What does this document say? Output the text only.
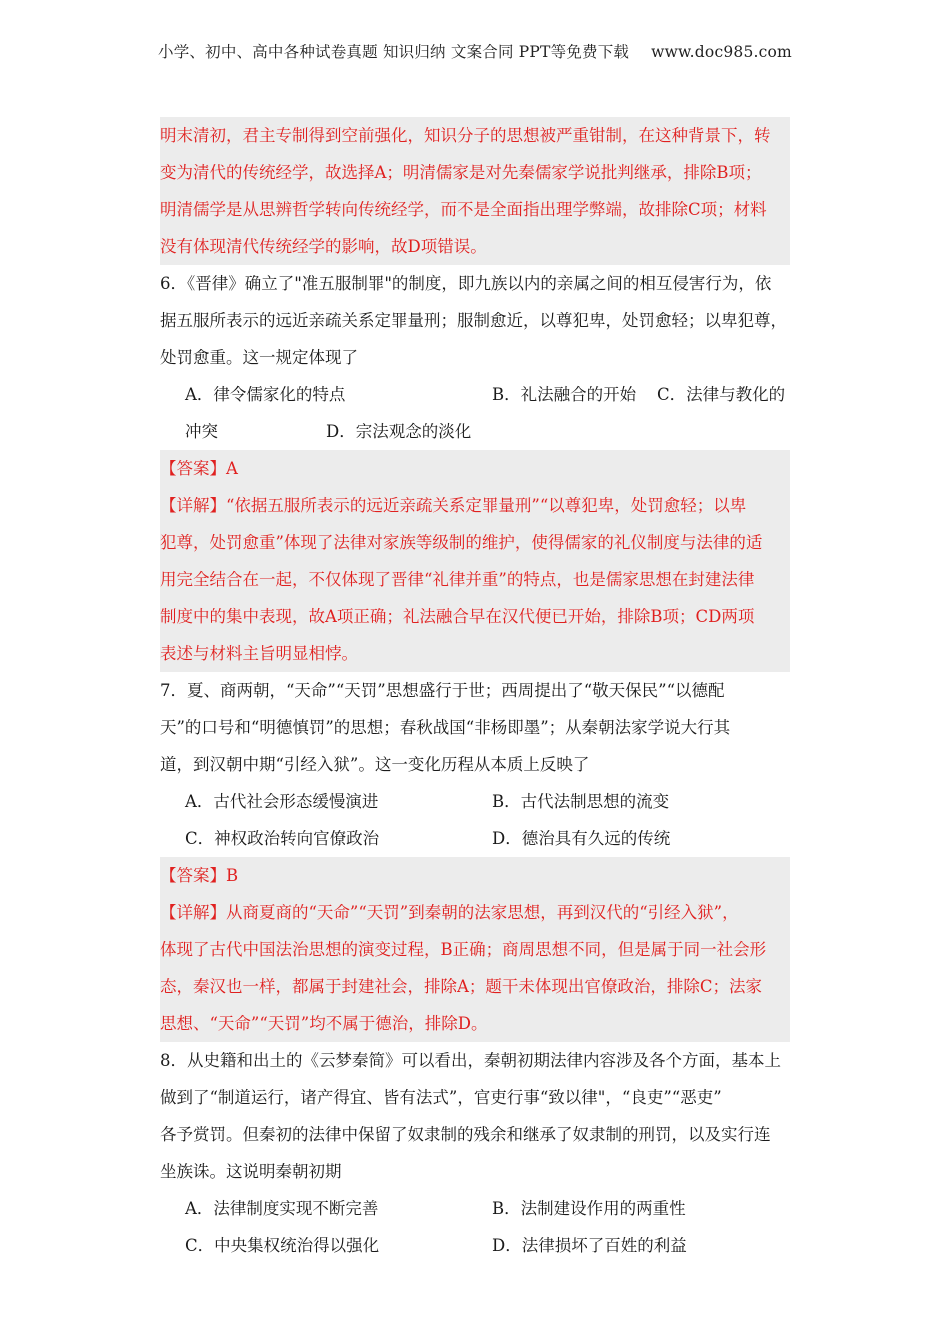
小学、初中、高中各种试卷真题 知识归纳 文案合同 PPT等免费下载 www.doc985.com
明末清初，君主专制得到空前强化，知识分子的思想被严重钳制，在这种背景下，转
变为清代的传统经学，故选择A；明清儒家是对先秦儒家学说批判继承，排除B项；
明清儒学是从思辨哲学转向传统经学，而不是全面指出理学弊端，故排除C项；材料
没有体现清代传统经学的影响，故D项错误。
6．《晋律》确立了"准五服制罪"的制度，即九族以内的亲属之间的相互侵害行为，依
据五服所表示的远近亲疏关系定罪量刑；服制愈近，以尊犯卑，处罚愈轻；以卑犯尊，
处罚愈重。这一规定体现了
A．律令儒家化的特点	B．礼法融合的开始 C．法律与教化的
冲突	D．宗法观念的淡化
【答案】A
【详解】“依据五服所表示的远近亲疏关系定罪量刑”“以尊犯卑，处罚愈轻；以卑
犯尊，处罚愈重”体现了法律对家族等级制的维护，使得儒家的礼仪制度与法律的适
用完全结合在一起，不仅体现了晋律“礼律并重”的特点，也是儒家思想在封建法律
制度中的集中表现，故A项正确；礼法融合早在汉代便已开始，排除B项；CD两项
表述与材料主旨明显相悖。
7．夏、商两朝，“天命”“天罚”思想盛行于世；西周提出了“敬天保民”“以德配
天”的口号和“明德慎罚”的思想；春秋战国“非杨即墨”；从秦朝法家学说大行其
道，到汉朝中期“引经入狱”。这一变化历程从本质上反映了
A．古代社会形态缓慢演进	B．古代法制思想的流变
C．神权政治转向官僚政治	D．德治具有久远的传统
【答案】B
【详解】从商夏商的“天命”“天罚”到秦朝的法家思想，再到汉代的“引经入狱”，
体现了古代中国法治思想的演变过程，B正确；商周思想不同，但是属于同一社会形
态，秦汉也一样，都属于封建社会，排除A；题干未体现出官僚政治，排除C；法家
思想、“天命”“天罚”均不属于德治，排除D。
8．从史籍和出土的《云梦秦简》可以看出，秦朝初期法律内容涉及各个方面，基本上
做到了“制道运行，诸产得宜、皆有法式”，官吏行事“致以律"，“良吏”“恶吏”
各予赏罚。但秦初的法律中保留了奴隶制的残余和继承了奴隶制的刑罚，以及实行连
坐族诛。这说明秦朝初期
A．法律制度实现不断完善	B．法制建设作用的两重性
C．中央集权统治得以强化	D．法律损坏了百姓的利益
